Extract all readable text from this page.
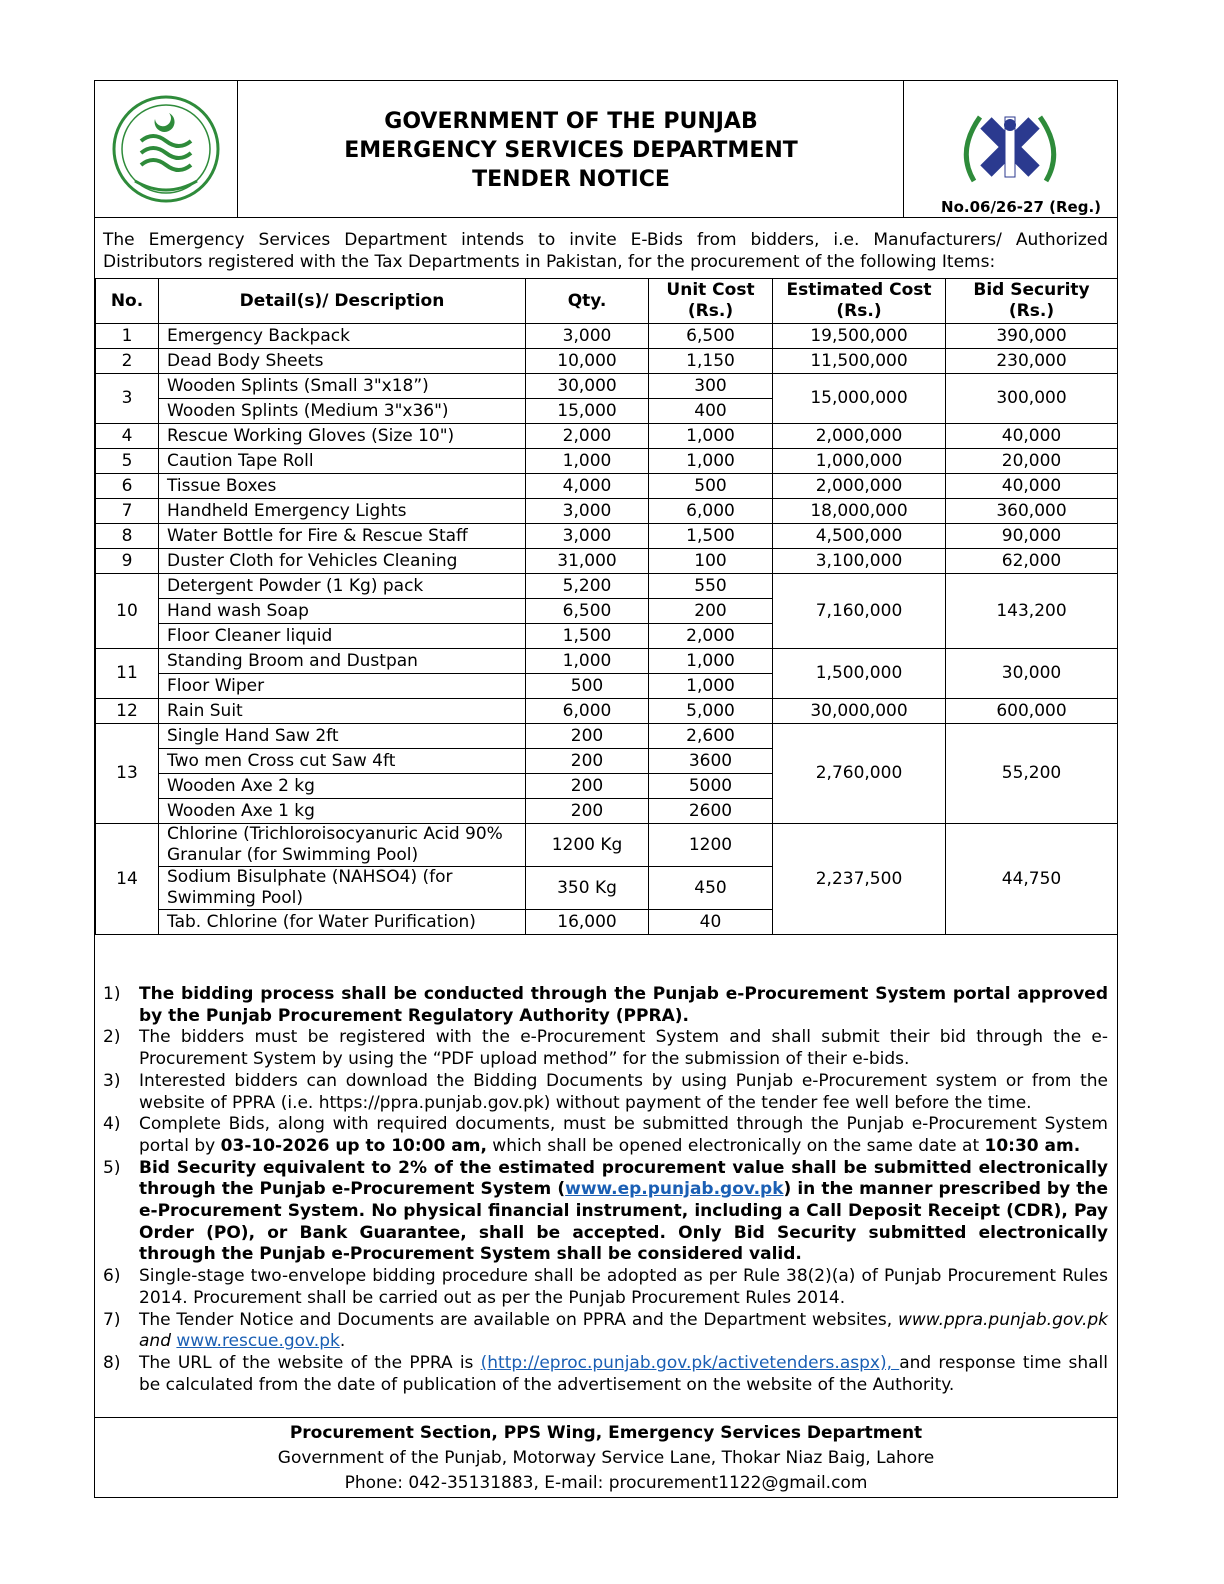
GOVERNMENT OF THE PUNJAB
EMERGENCY SERVICES DEPARTMENT
TENDER NOTICE
No.06/26-27 (Reg.)
The Emergency Services Department intends to invite E-Bids from bidders, i.e. Manufacturers/ Authorized
Distributors registered with the Tax Departments in Pakistan, for the procurement of the following Items:
No.	Detail(s)/ Description	Qty.	Unit Cost (Rs.)	Estimated Cost (Rs.)	Bid Security (Rs.)
1	Emergency Backpack	3,000	6,500	19,500,000	390,000
2	Dead Body Sheets	10,000	1,150	11,500,000	230,000
3	Wooden Splints (Small 3"x18”)	30,000	300	15,000,000	300,000
	Wooden Splints (Medium 3"x36")	15,000	400		
4	Rescue Working Gloves (Size 10")	2,000	1,000	2,000,000	40,000
5	Caution Tape Roll	1,000	1,000	1,000,000	20,000
6	Tissue Boxes	4,000	500	2,000,000	40,000
7	Handheld Emergency Lights	3,000	6,000	18,000,000	360,000
8	Water Bottle for Fire & Rescue Staff	3,000	1,500	4,500,000	90,000
9	Duster Cloth for Vehicles Cleaning	31,000	100	3,100,000	62,000
10	Detergent Powder (1 Kg) pack	5,200	550	7,160,000	143,200
	Hand wash Soap	6,500	200		
	Floor Cleaner liquid	1,500	2,000		
11	Standing Broom and Dustpan	1,000	1,000	1,500,000	30,000
	Floor Wiper	500	1,000		
12	Rain Suit	6,000	5,000	30,000,000	600,000
13	Single Hand Saw 2ft	200	2,600	2,760,000	55,200
	Two men Cross cut Saw 4ft	200	3600		
	Wooden Axe 2 kg	200	5000		
	Wooden Axe 1 kg	200	2600		
14	Chlorine (Trichloroisocyanuric Acid 90% Granular (for Swimming Pool)	1200 Kg	1200	2,237,500	44,750
	Sodium Bisulphate (NAHSO4) (for Swimming Pool)	350 Kg	450		
	Tab. Chlorine (for Water Purification)	16,000	40		
1)	The bidding process shall be conducted through the Punjab e-Procurement System portal approved by the Punjab Procurement Regulatory Authority (PPRA).
2)	The bidders must be registered with the e-Procurement System and shall submit their bid through the e-Procurement System by using the “PDF upload method” for the submission of their e-bids.
3)	Interested bidders can download the Bidding Documents by using Punjab e-Procurement system or from the website of PPRA (i.e. https://ppra.punjab.gov.pk) without payment of the tender fee well before the time.
4)	Complete Bids, along with required documents, must be submitted through the Punjab e-Procurement System portal by 03-10-2026 up to 10:00 am, which shall be opened electronically on the same date at 10:30 am.
5)	Bid Security equivalent to 2% of the estimated procurement value shall be submitted electronically through the Punjab e-Procurement System (www.ep.punjab.gov.pk) in the manner prescribed by the e-Procurement System. No physical financial instrument, including a Call Deposit Receipt (CDR), Pay Order (PO), or Bank Guarantee, shall be accepted. Only Bid Security submitted electronically through the Punjab e-Procurement System shall be considered valid.
6)	Single-stage two-envelope bidding procedure shall be adopted as per Rule 38(2)(a) of Punjab Procurement Rules 2014. Procurement shall be carried out as per the Punjab Procurement Rules 2014.
7)	The Tender Notice and Documents are available on PPRA and the Department websites, www.ppra.punjab.gov.pk and www.rescue.gov.pk.
8)	The URL of the website of the PPRA is (http://eproc.punjab.gov.pk/activetenders.aspx), and response time shall be calculated from the date of publication of the advertisement on the website of the Authority.
Procurement Section, PPS Wing, Emergency Services Department
Government of the Punjab, Motorway Service Lane, Thokar Niaz Baig, Lahore
Phone: 042-35131883, E-mail: procurement1122@gmail.com
